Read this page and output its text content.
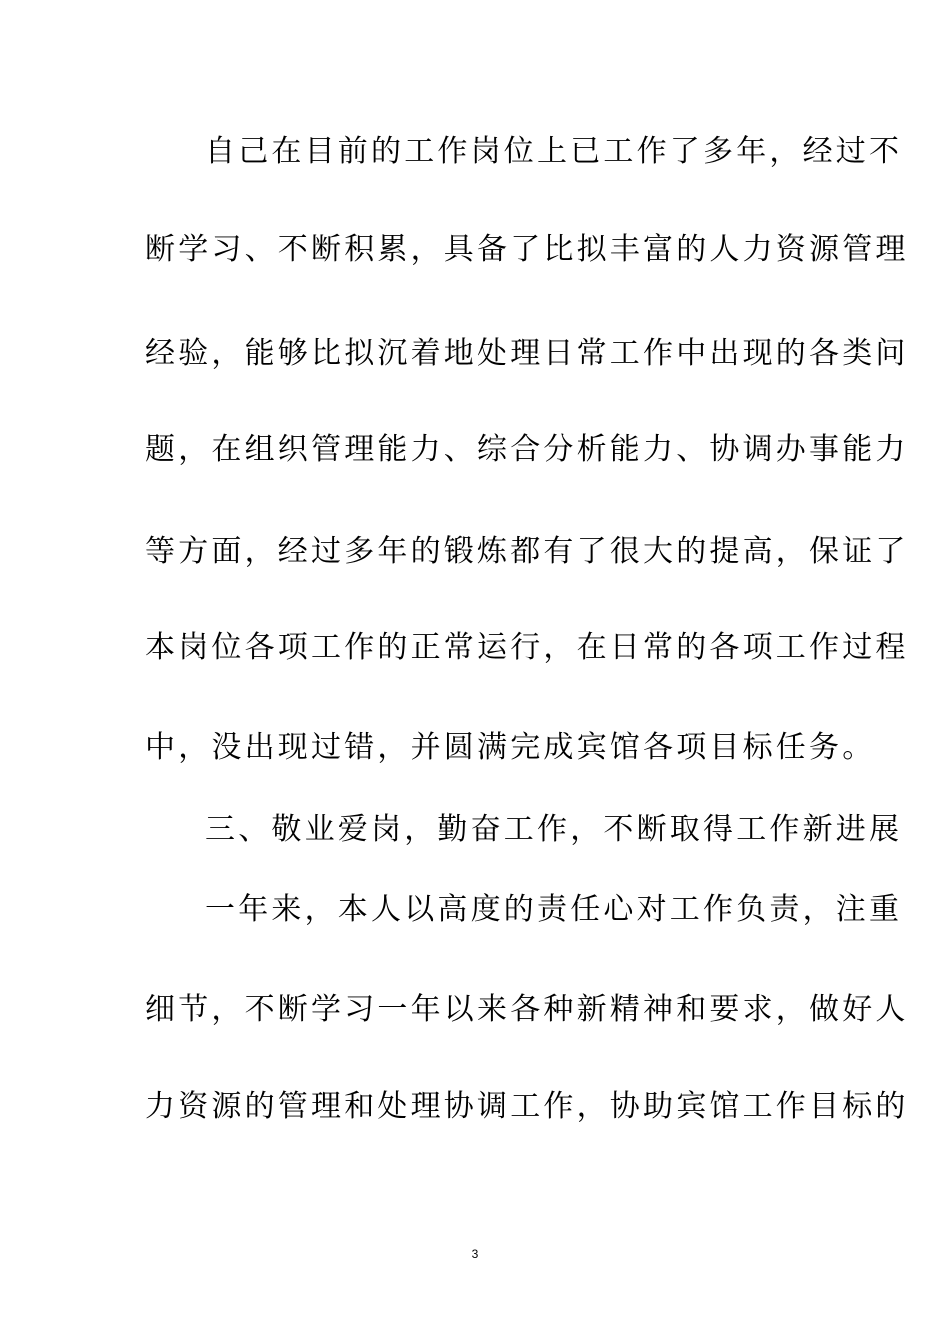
自己在目前的工作岗位上已工作了多年，经过不
断学习、不断积累，具备了比拟丰富的人力资源管理
经验，能够比拟沉着地处理日常工作中出现的各类问
题，在组织管理能力、综合分析能力、协调办事能力
等方面，经过多年的锻炼都有了很大的提高，保证了
本岗位各项工作的正常运行，在日常的各项工作过程
中，没出现过错，并圆满完成宾馆各项目标任务。
三、敬业爱岗，勤奋工作，不断取得工作新进展
一年来，本人以高度的责任心对工作负责，注重
细节，不断学习一年以来各种新精神和要求，做好人
力资源的管理和处理协调工作，协助宾馆工作目标的
3
